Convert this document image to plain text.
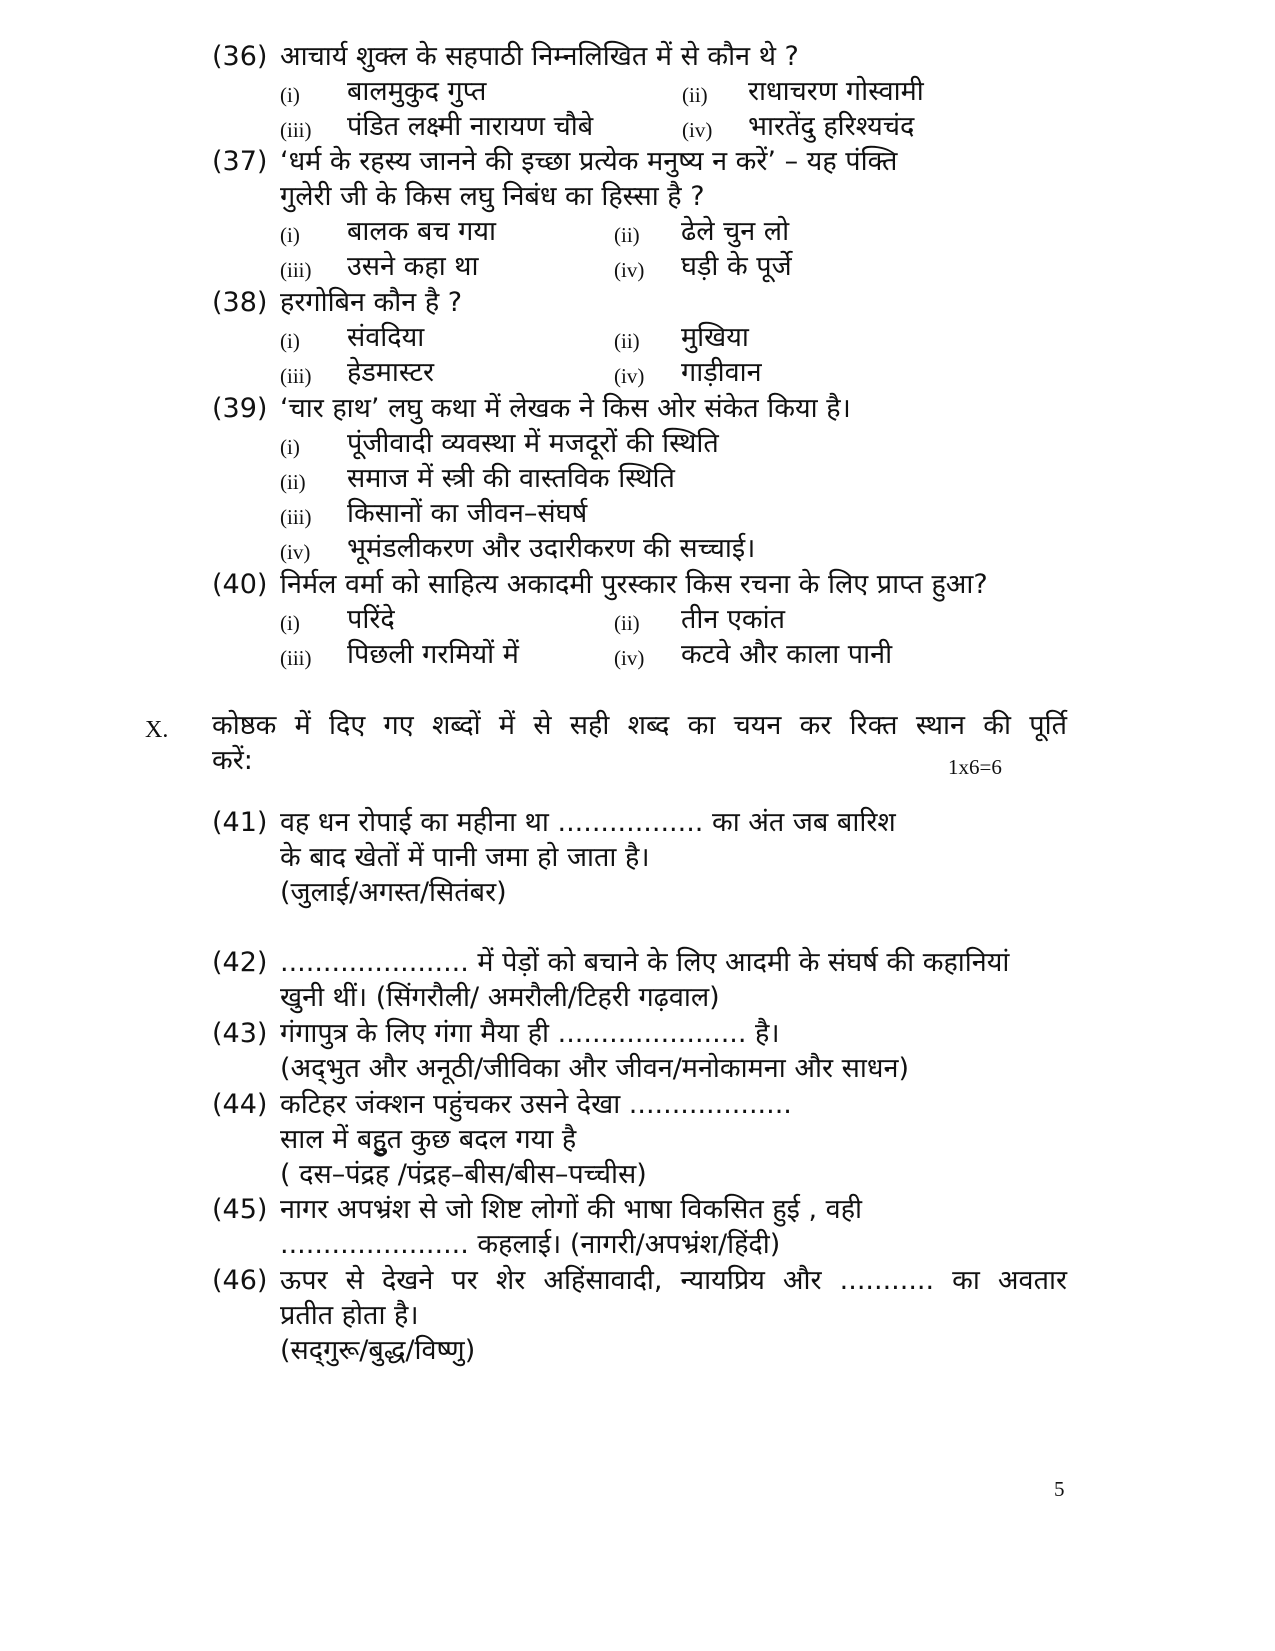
(36) आचार्य शुक्ल के सहपाठी निम्नलिखित में से कौन थे ?
(i) बालमुकुद गुप्त	(ii) राधाचरण गोस्वामी
(iii) पंडित लक्ष्मी नारायण चौबे	(iv) भारतेंदु हरिश्यचंद
(37) ‘धर्म के रहस्य जानने की इच्छा प्रत्येक मनुष्य न करें’ – यह पंक्ति
गुलेरी जी के किस लघु निबंध का हिस्सा है ?
(i) बालक बच गया	(ii) ढेले चुन लो
(iii) उसने कहा था	(iv) घड़ी के पूर्जे
(38) हरगोबिन कौन है ?
(i) संवदिया	(ii) मुखिया
(iii) हेडमास्टर	(iv) गाड़ीवान
(39) ‘चार हाथ’ लघु कथा में लेखक ने किस ओर संकेत किया है।
(i) पूंजीवादी व्यवस्था में मजदूरों की स्थिति
(ii) समाज में स्त्री की वास्तविक स्थिति
(iii) किसानों का जीवन–संघर्ष
(iv) भूमंडलीकरण और उदारीकरण की सच्चाई।
(40) निर्मल वर्मा को साहित्य अकादमी पुरस्कार किस रचना के लिए प्राप्त हुआ?
(i) परिंदे	(ii) तीन एकांत
(iii) पिछली गरमियों में	(iv) कटवे और काला पानी
X. कोष्ठक में दिए गए शब्दों में से सही शब्द का चयन कर रिक्त स्थान की पूर्ति
करें:	1x6=6
(41) वह धन रोपाई का महीना था ................. का अंत जब बारिश
के बाद खेतों में पानी जमा हो जाता है।
(जुलाई/अगस्त/सितंबर)
(42) ...................... में पेड़ों को बचाने के लिए आदमी के संघर्ष की कहानियां
खुनी थीं। (सिंगरौली/ अमरौली/टिहरी गढ़वाल)
(43) गंगापुत्र के लिए गंगा मैया ही ...................... है।
(अद्‌भुत और अनूठी/जीविका और जीवन/मनोकामना और साधन)
(44) कटिहर जंक्शन पहुंचकर उसने देखा ...................
साल में बहुुत कुछ बदल गया है
( दस–पंद्रह /पंद्रह–बीस/बीस–पच्चीस)
(45) नागर अपभ्रंश से जो शिष्ट लोगों की भाषा विकसित हुई , वही
...................... कहलाई। (नागरी/अपभ्रंश/हिंदी)
(46) ऊपर से देखने पर शेर अहिंसावादी, न्यायप्रिय और ........... का अवतार
प्रतीत होता है।
(सद्‌गुरू/बुद्ध/विष्णु)
5
